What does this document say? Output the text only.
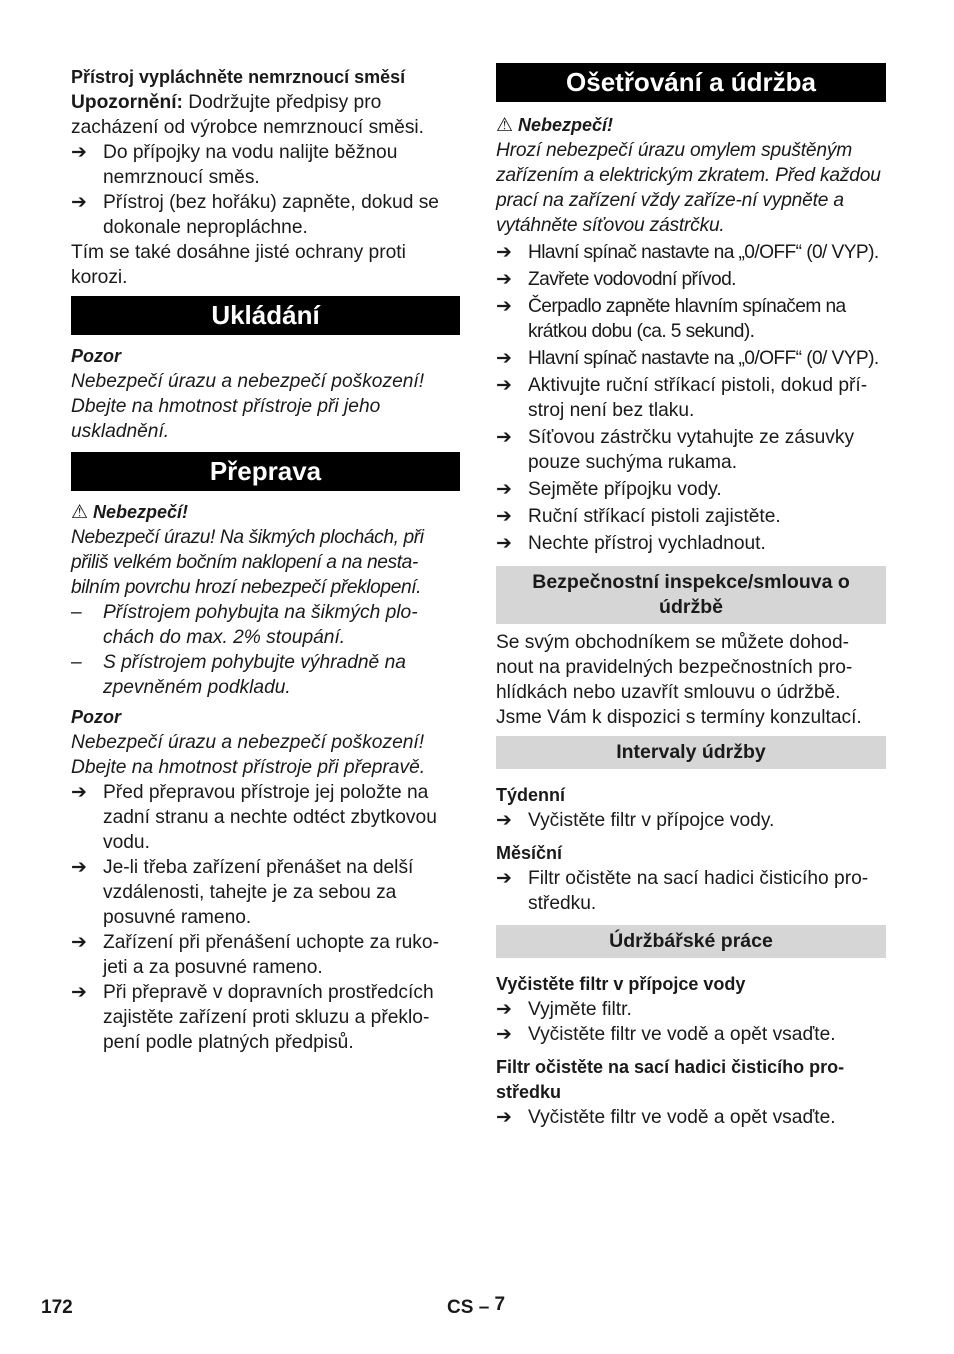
Přístroj vypláchněte nemrznoucí směsí

Upozornění: Dodržujte předpisy pro zacházení od výrobce nemrznoucí směsi.

➔ Do přípojky na vodu nalijte běžnou nemrznoucí směs.
➔ Přístroj (bez hořáku) zapněte, dokud se dokonale nepropláchne.

Tím se také dosáhne jisté ochrany proti korozi.

Ukládání
Pozor

Nebezpečí úrazu a nebezpečí poškození! Dbejte na hmotnost přístroje při jeho uskladnění.

Přeprava
⚠ Nebezpečí!

Nebezpečí úrazu! Na šikmých plochách, při přiliš velkém bočním naklopení a na nesta-bilním povrchu hrozí nebezpečí překlopení.

–	Přístrojem pohybujta na šikmých plo-chách do max. 2% stoupání.
–	S přístrojem pohybujte výhradně na zpevněném podkladu.
Pozor

Nebezpečí úrazu a nebezpečí poškození! Dbejte na hmotnost přístroje při přepravě.

➔ Před přepravou přístroje jej položte na zadní stranu a nechte odtéct zbytkovou vodu.
➔ Je-li třeba zařízení přenášet na delší vzdálenosti, tahejte je za sebou za posuvné rameno.
➔ Zařízení při přenášení uchopte za ruko-jeti a za posuvné rameno.
➔ Při přepravě v dopravních prostředcích zajistěte zařízení proti skluzu a překlo-pení podle platných předpisů.
Ošetřování a údržba
⚠ Nebezpečí!

Hrozí nebezpečí úrazu omylem spuštěným zařízením a elektrickým zkratem. Před každou prací na zařízení vždy zaříze-ní vypněte a vytáhněte síťovou zástrčku.

➔ Hlavní spínač nastavte na „0/OFF“ (0/ VYP).
➔ Zavřete vodovodní přívod.
➔ Čerpadlo zapněte hlavním spínačem na krátkou dobu (ca. 5 sekund).
➔ Hlavní spínač nastavte na „0/OFF“ (0/ VYP).
➔ Aktivujte ruční stříkací pistoli, dokud pří-stroj není bez tlaku.
➔ Síťovou zástrčku vytahujte ze zásuvky pouze suchýma rukama.
➔ Sejměte přípojku vody.
➔ Ruční stříkací pistoli zajistěte.
➔ Nechte přístroj vychladnout.
Bezpečnostní inspekce/smlouva o údržbě

Se svým obchodníkem se můžete dohod-nout na pravidelných bezpečnostních pro-hlídkách nebo uzavřít smlouvu o údržbě. Jsme Vám k dispozici s termíny konzultací.

Intervaly údržby
Týdenní
➔ Vyčistěte filtr v přípojce vody.
Měsíční
➔ Filtr očistěte na sací hadici čisticího pro-středku.
Údržbářské práce
Vyčistěte filtr v přípojce vody
➔ Vyjměte filtr.
➔ Vyčistěte filtr ve vodě a opět vsaďte.
Filtr očistěte na sací hadici čisticího pro-středku
➔ Vyčistěte filtr ve vodě a opět vsaďte.
172	CS – 7
